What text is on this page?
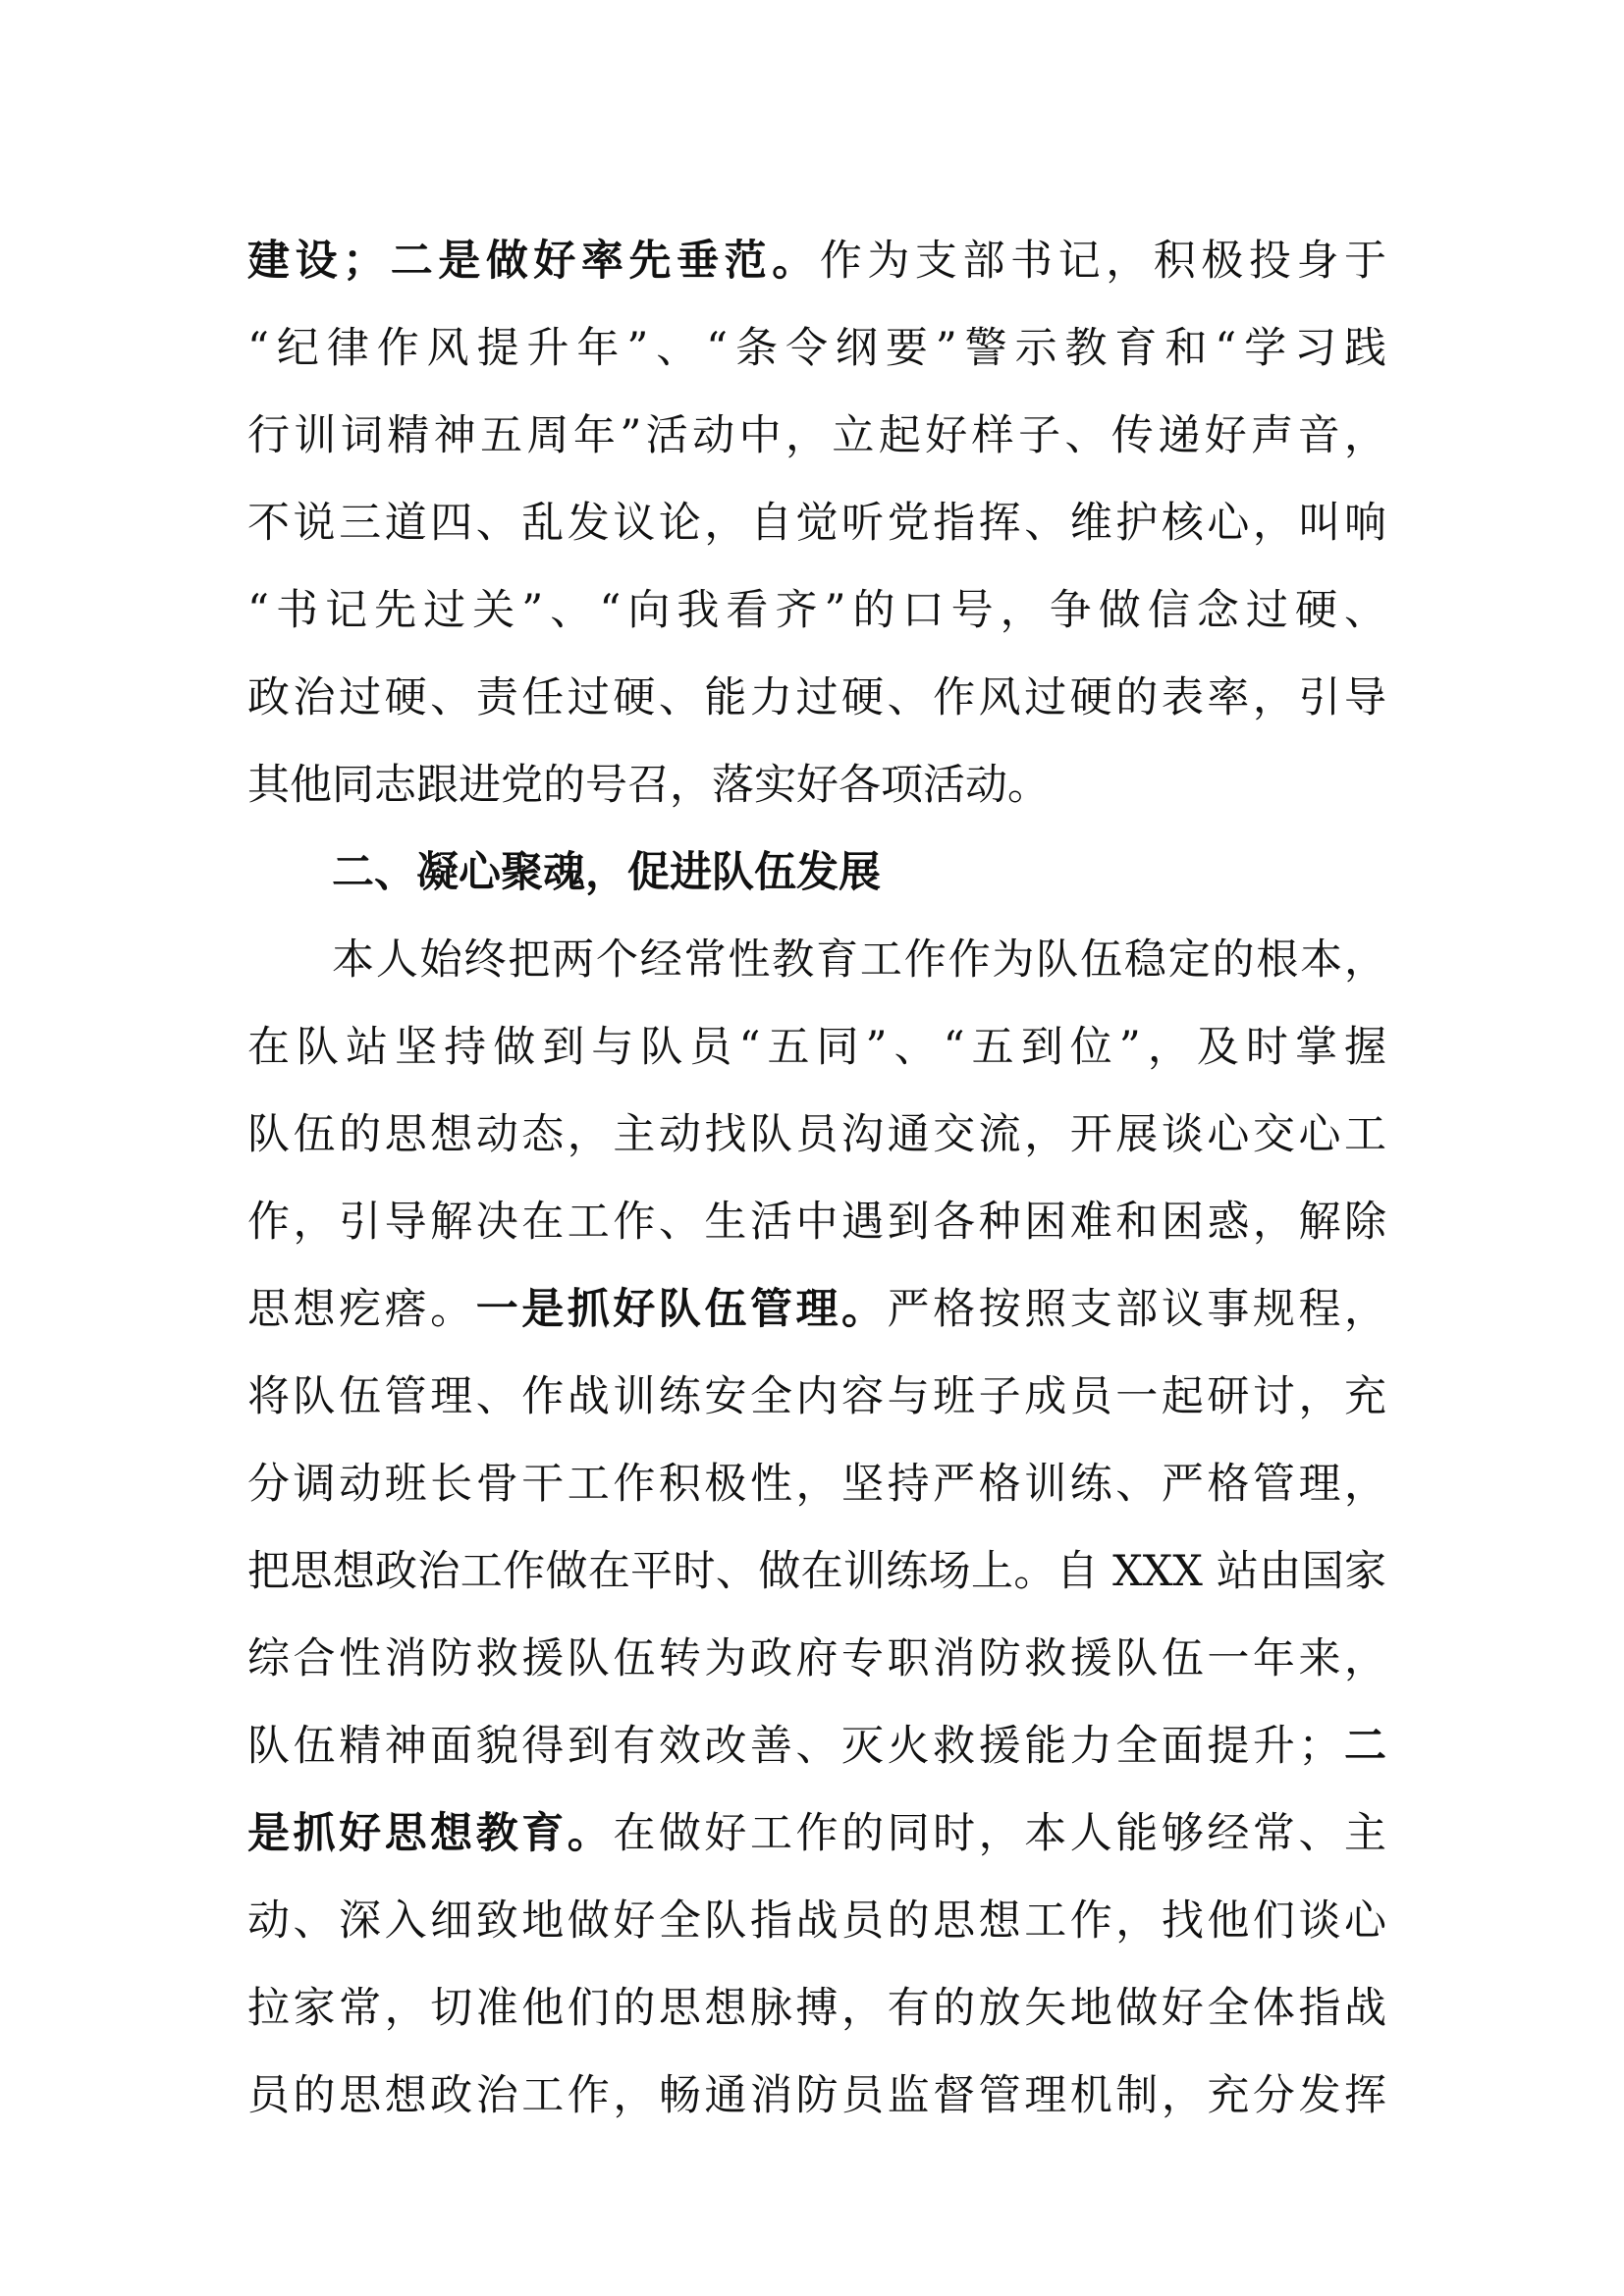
建设；二是做好率先垂范。作为支部书记，积极投身于
“纪律作风提升年”、“条令纲要”警示教育和“学习践
行训词精神五周年”活动中，立起好样子、传递好声音，
不说三道四、乱发议论，自觉听党指挥、维护核心，叫响
“书记先过关”、“向我看齐”的口号，争做信念过硬、
政治过硬、责任过硬、能力过硬、作风过硬的表率，引导
其他同志跟进党的号召，落实好各项活动。
二、凝心聚魂，促进队伍发展
本人始终把两个经常性教育工作作为队伍稳定的根本，
在队站坚持做到与队员“五同”、“五到位”，及时掌握
队伍的思想动态，主动找队员沟通交流，开展谈心交心工
作，引导解决在工作、生活中遇到各种困难和困惑，解除
思想疙瘩。一是抓好队伍管理。严格按照支部议事规程，
将队伍管理、作战训练安全内容与班子成员一起研讨，充
分调动班长骨干工作积极性，坚持严格训练、严格管理，
把思想政治工作做在平时、做在训练场上。自 XXX 站由国家
综合性消防救援队伍转为政府专职消防救援队伍一年来，
队伍精神面貌得到有效改善、灭火救援能力全面提升；二
是抓好思想教育。在做好工作的同时，本人能够经常、主
动、深入细致地做好全队指战员的思想工作，找他们谈心
拉家常，切准他们的思想脉搏，有的放矢地做好全体指战
员的思想政治工作，畅通消防员监督管理机制，充分发挥
